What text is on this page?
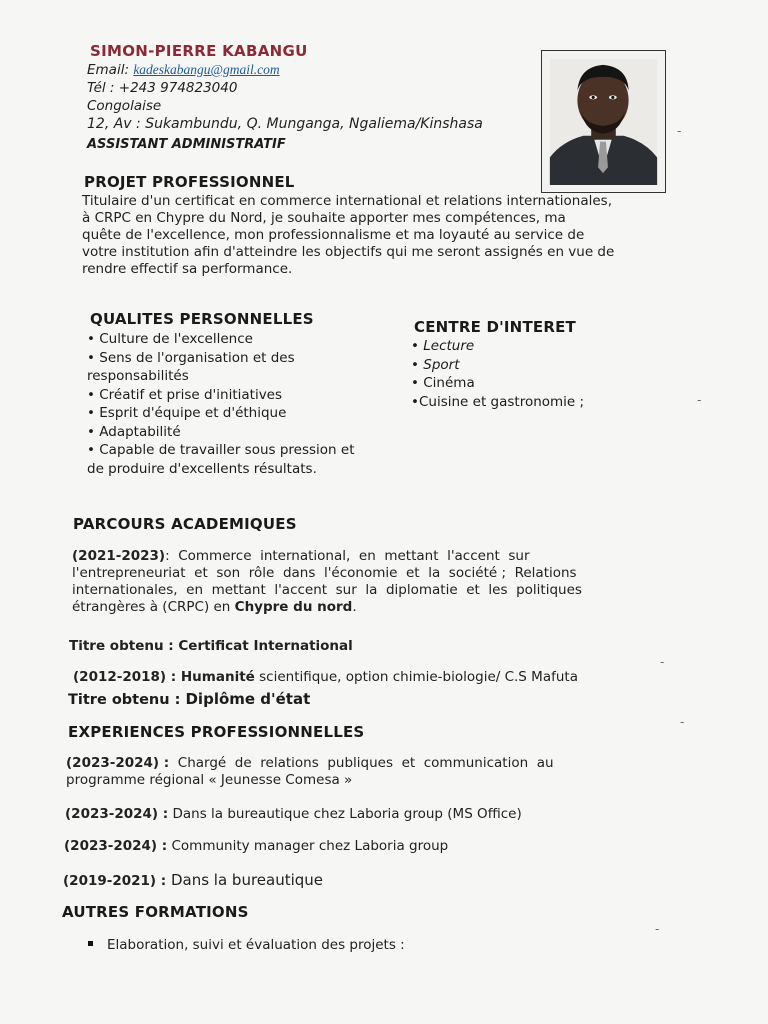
SIMON-PIERRE KABANGU
Email: kadeskabangu@gmail.com
Tél : +243 974823040
Congolaise
12, Av : Sukambundu, Q. Munganga, Ngaliema/Kinshasa
ASSISTANT ADMINISTRATIF
PROJET PROFESSIONNEL
Titulaire d'un certificat en commerce international et relations internationales,
à CRPC en Chypre du Nord, je souhaite apporter mes compétences, ma
quête de l'excellence, mon professionnalisme et ma loyauté au service de
votre institution afin d'atteindre les objectifs qui me seront assignés en vue de
rendre effectif sa performance.
QUALITES PERSONNELLES
• Culture de l'excellence
• Sens de l'organisation et des
responsabilités
• Créatif et prise d'initiatives
• Esprit d'équipe et d'éthique
• Adaptabilité
• Capable de travailler sous pression et
de produire d'excellents résultats.
CENTRE D'INTERET
• Lecture
• Sport
• Cinéma
•Cuisine et gastronomie ;
PARCOURS ACADEMIQUES
(2021-2023):  Commerce  international,  en  mettant  l'accent  sur
l'entrepreneuriat  et  son  rôle  dans  l'économie  et  la  société ;  Relations
internationales,  en  mettant  l'accent  sur  la  diplomatie  et  les  politiques
étrangères à (CRPC) en Chypre du nord.
Titre obtenu : Certificat International
(2012-2018) : Humanité scientifique, option chimie-biologie/ C.S Mafuta
Titre obtenu : Diplôme d'état
EXPERIENCES PROFESSIONNELLES
(2023-2024) :  Chargé  de  relations  publiques  et  communication  au
programme régional « Jeunesse Comesa »
(2023-2024) : Dans la bureautique chez Laboria group (MS Office)
(2023-2024) : Community manager chez Laboria group
(2019-2021) : Dans la bureautique
AUTRES FORMATIONS
Elaboration, suivi et évaluation des projets :
-
-
-
-
-
